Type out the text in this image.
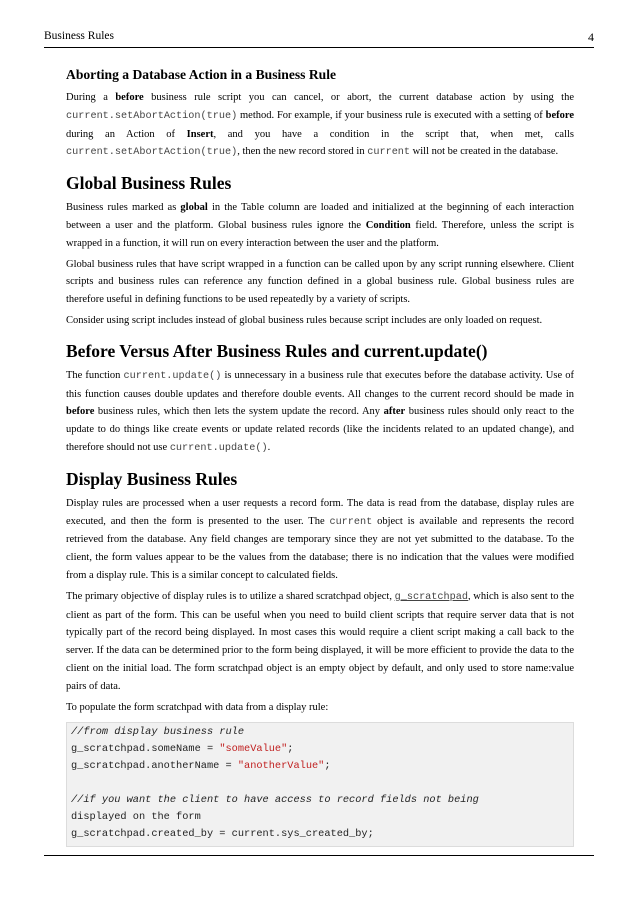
Business Rules	4
Aborting a Database Action in a Business Rule

During a before business rule script you can cancel, or abort, the current database action by using the current.setAbortAction(true) method. For example, if your business rule is executed with a setting of before during an Action of Insert, and you have a condition in the script that, when met, calls current.setAbortAction(true), then the new record stored in current will not be created in the database.

Global Business Rules

Business rules marked as global in the Table column are loaded and initialized at the beginning of each interaction between a user and the platform. Global business rules ignore the Condition field. Therefore, unless the script is wrapped in a function, it will run on every interaction between the user and the platform.

Global business rules that have script wrapped in a function can be called upon by any script running elsewhere. Client scripts and business rules can reference any function defined in a global business rule. Global business rules are therefore useful in defining functions to be used repeatedly by a variety of scripts.

Consider using script includes instead of global business rules because script includes are only loaded on request.

Before Versus After Business Rules and current.update()

The function current.update() is unnecessary in a business rule that executes before the database activity. Use of this function causes double updates and therefore double events. All changes to the current record should be made in before business rules, which then lets the system update the record. Any after business rules should only react to the update to do things like create events or update related records (like the incidents related to an updated change), and therefore should not use current.update().

Display Business Rules

Display rules are processed when a user requests a record form. The data is read from the database, display rules are executed, and then the form is presented to the user. The current object is available and represents the record retrieved from the database. Any field changes are temporary since they are not yet submitted to the database. To the client, the form values appear to be the values from the database; there is no indication that the values were modified from a display rule. This is a similar concept to calculated fields.

The primary objective of display rules is to utilize a shared scratchpad object, g_scratchpad, which is also sent to the client as part of the form. This can be useful when you need to build client scripts that require server data that is not typically part of the record being displayed. In most cases this would require a client script making a call back to the server. If the data can be determined prior to the form being displayed, it will be more efficient to provide the data to the client on the initial load. The form scratchpad object is an empty object by default, and only used to store name:value pairs of data.

To populate the form scratchpad with data from a display rule:

//from display business rule
g_scratchpad.someName = "someValue";
g_scratchpad.anotherName = "anotherValue";
//if you want the client to have access to record fields not being
displayed on the form
g_scratchpad.created_by = current.sys_created_by;
